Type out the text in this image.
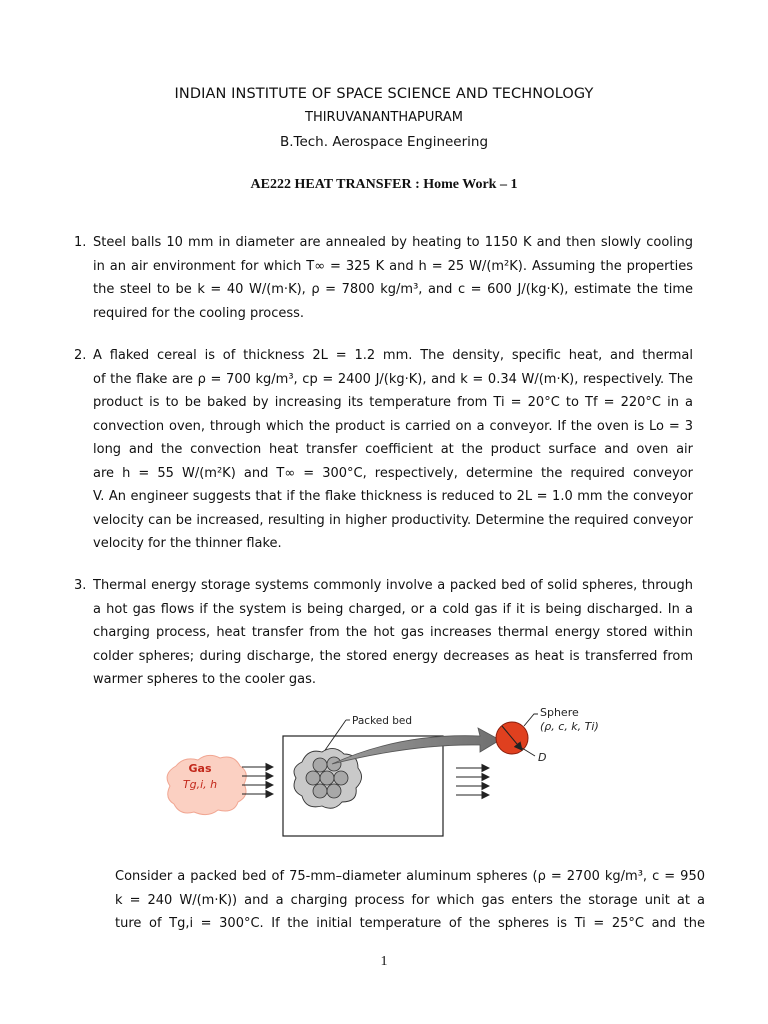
INDIAN INSTITUTE OF SPACE SCIENCE AND TECHNOLOGY
THIRUVANANTHAPURAM
B.Tech. Aerospace Engineering
AE222 HEAT TRANSFER : Home Work – 1
1. Steel balls 10 mm in diameter are annealed by heating to 1150 K and then slowly cooling
in an air environment for which T∞ = 325 K and h = 25 W/(m²K). Assuming the properties
the steel to be k = 40 W/(m·K), ρ = 7800 kg/m³, and c = 600 J/(kg·K), estimate the time
required for the cooling process.
2. A flaked cereal is of thickness 2L = 1.2 mm. The density, specific heat, and thermal
of the flake are ρ = 700 kg/m³, cp = 2400 J/(kg·K), and k = 0.34 W/(m·K), respectively. The
product is to be baked by increasing its temperature from Ti = 20°C to Tf = 220°C in a
convection oven, through which the product is carried on a conveyor. If the oven is Lo = 3
long and the convection heat transfer coefficient at the product surface and oven air
are h = 55 W/(m²K) and T∞ = 300°C, respectively, determine the required conveyor
V. An engineer suggests that if the flake thickness is reduced to 2L = 1.0 mm the conveyor
velocity can be increased, resulting in higher productivity. Determine the required conveyor
velocity for the thinner flake.
3. Thermal energy storage systems commonly involve a packed bed of solid spheres, through
a hot gas flows if the system is being charged, or a cold gas if it is being discharged. In a
charging process, heat transfer from the hot gas increases thermal energy stored within
colder spheres; during discharge, the stored energy decreases as heat is transferred from
warmer spheres to the cooler gas.
Gas
Tg,i, h
Packed bed
Sphere
(ρ, c, k, Ti)
D
Consider a packed bed of 75-mm–diameter aluminum spheres (ρ = 2700 kg/m³, c = 950
k = 240 W/(m·K)) and a charging process for which gas enters the storage unit at a
ture of Tg,i = 300°C. If the initial temperature of the spheres is Ti = 25°C and the
1
